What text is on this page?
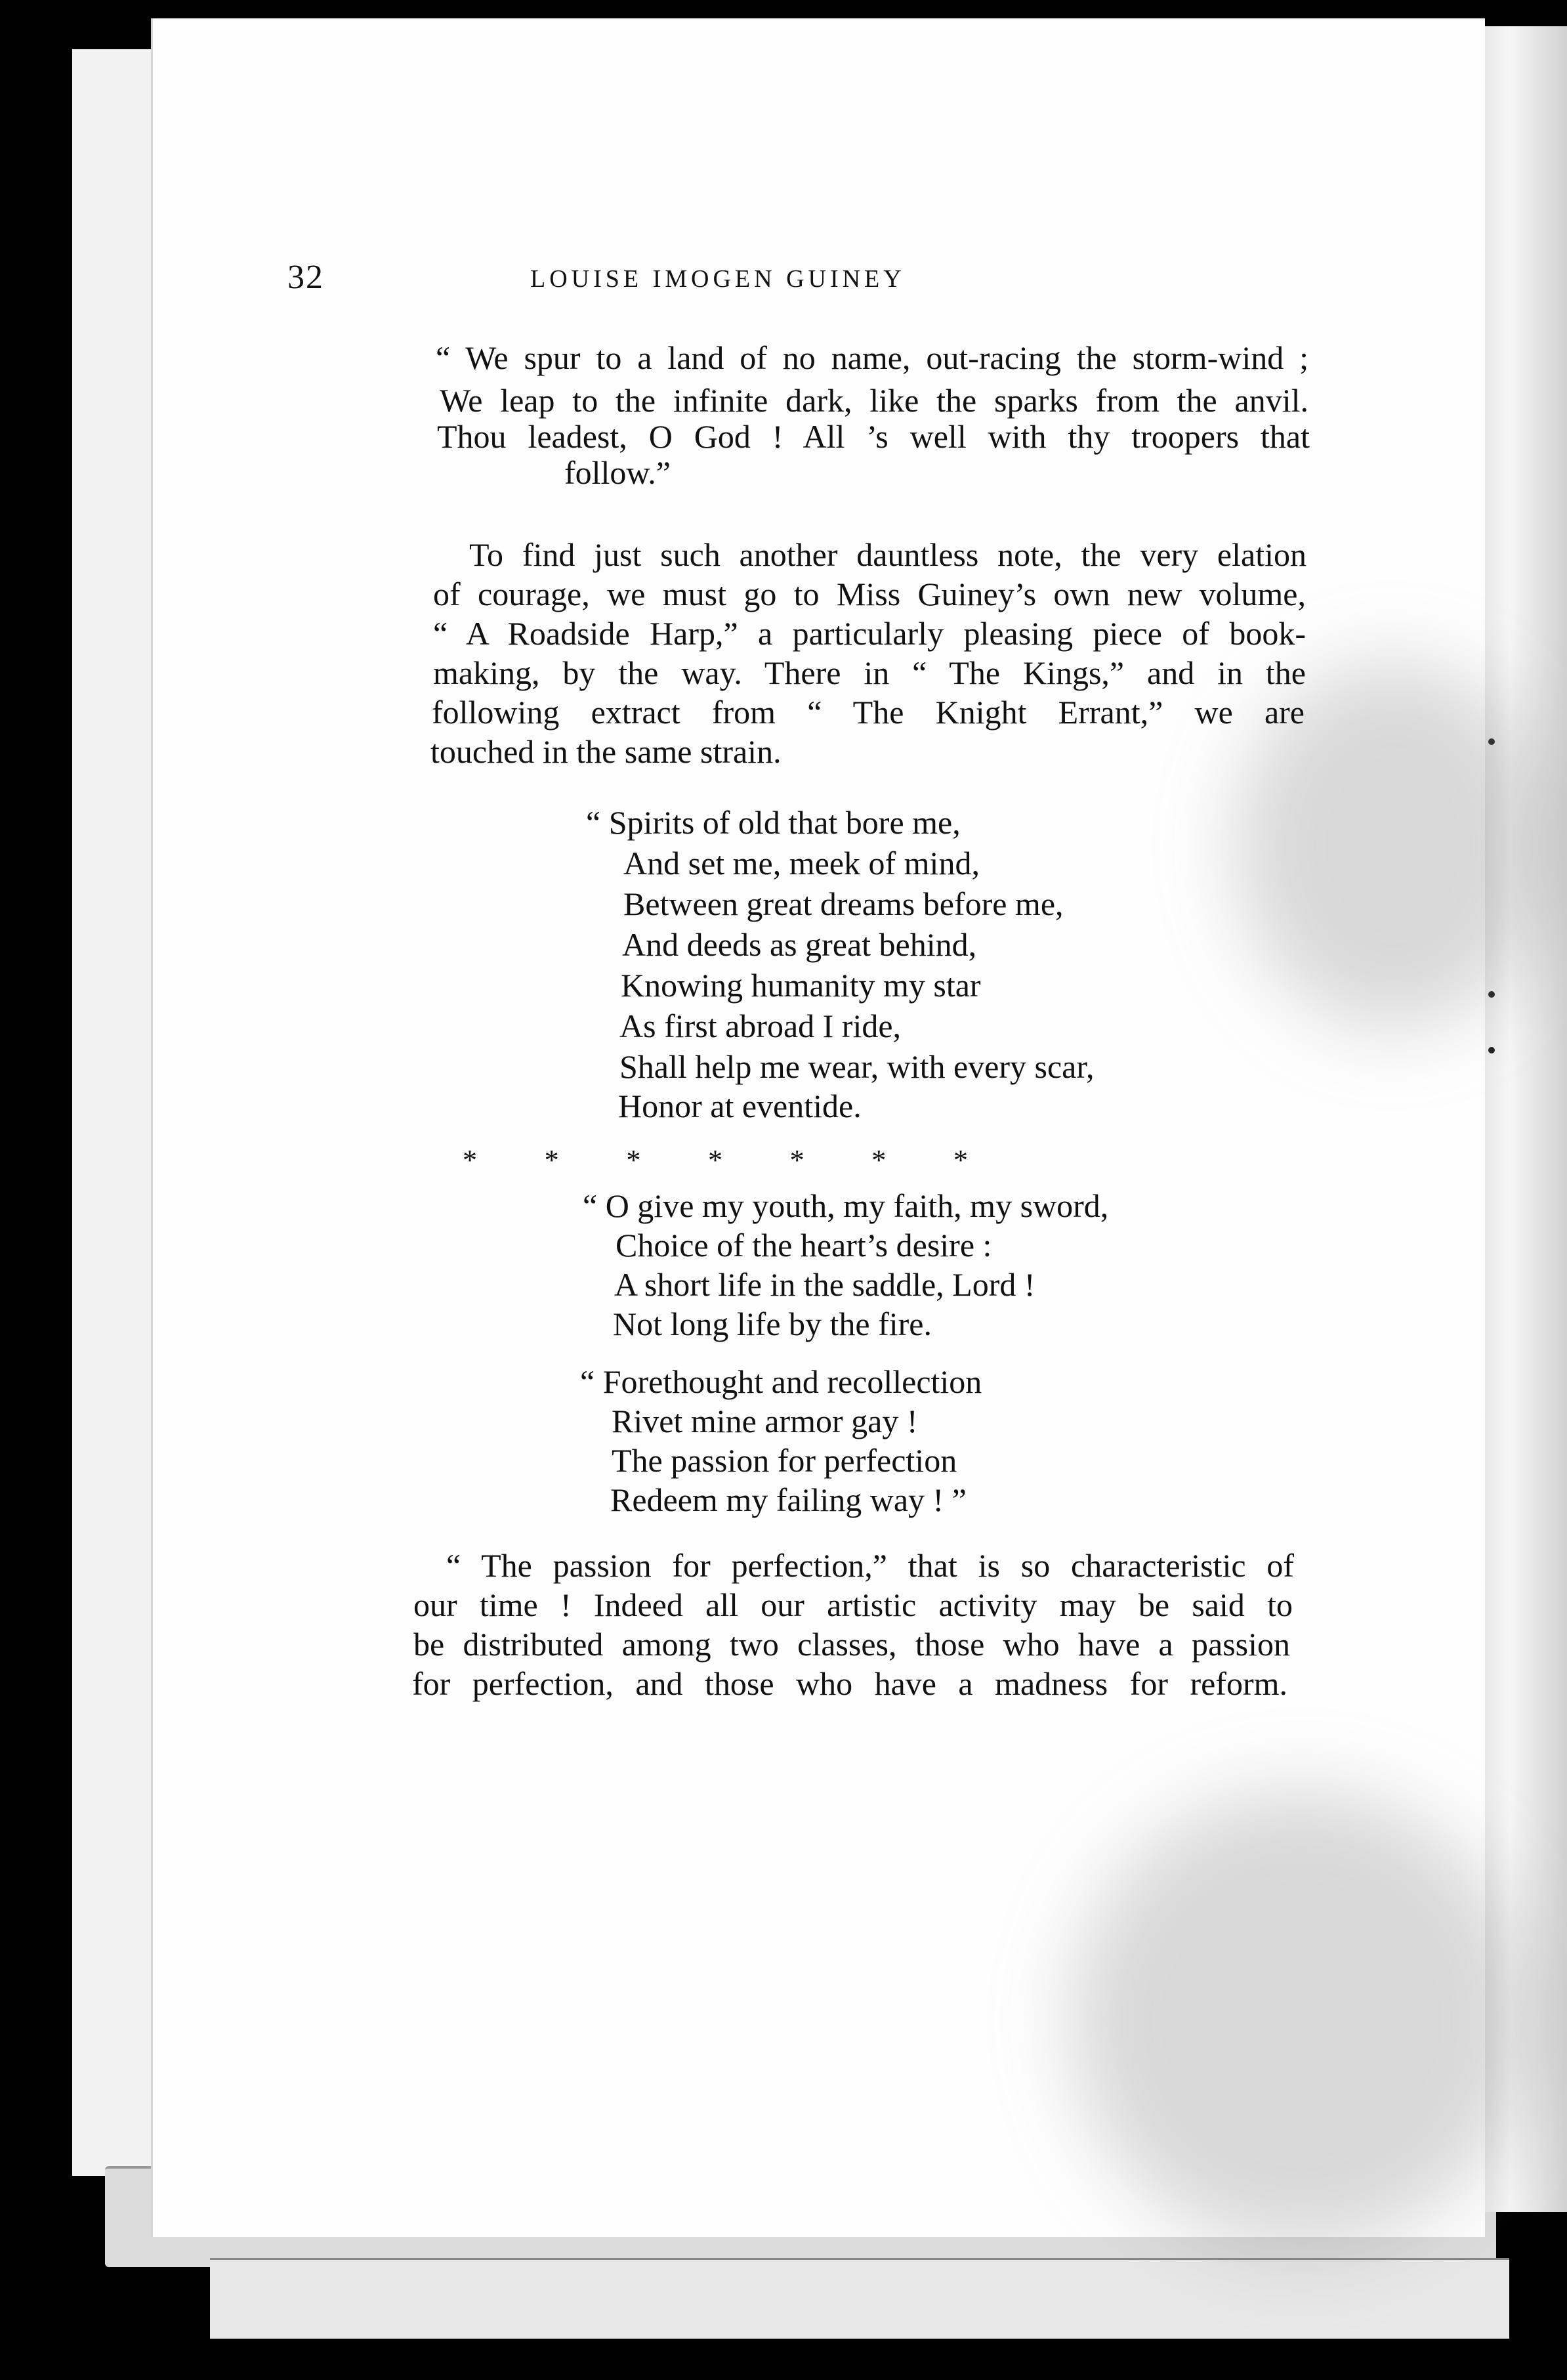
32	LOUISE IMOGEN GUINEY

“ We spur to a land of no name, out-racing the storm-wind ;

We leap to the infinite dark, like the sparks from the anvil.

Thou leadest, O God ! All ’s well with thy troopers that

follow.”

To find just such another dauntless note, the very elation

of courage, we must go to Miss Guiney’s own new volume,

“ A Roadside Harp,” a particularly pleasing piece of book-

making, by the way. There in “ The Kings,” and in the

following extract from “ The Knight Errant,” we are

touched in the same strain.

“ Spirits of old that bore me,

And set me, meek of mind,

Between great dreams before me,

And deeds as great behind,

Knowing humanity my star

As first abroad I ride,

Shall help me wear, with every scar,

Honor at eventide.

* * * * * * *

“ O give my youth, my faith, my sword,

Choice of the heart’s desire :

A short life in the saddle, Lord !

Not long life by the fire.

“ Forethought and recollection

Rivet mine armor gay !

The passion for perfection

Redeem my failing way ! ”

“ The passion for perfection,” that is so characteristic of

our time ! Indeed all our artistic activity may be said to

be distributed among two classes, those who have a passion

for perfection, and those who have a madness for reform.
